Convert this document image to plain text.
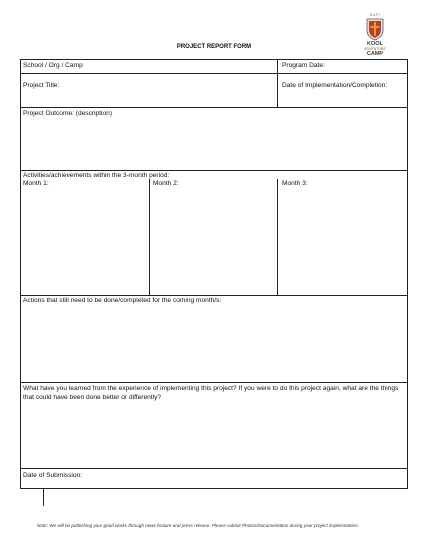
BAFI
KOOL
ADVENTURE
CAMP
PROJECT REPORT FORM
School / Org / Camp	Program Date:
Project Title:	Date of Implementation/Completion:
Project Outcome: (description)
Activities/achievements within the 3-month period:
Month 1:	Month 2:	Month 3:
Actions that still need to be done/completed for the coming month/s:
What have you learned from the experience of implementing this project? If you were to do this project again, what are the things that could have been done better or differently?
Date of Submission:
Note: We will be publishing your good works through news feature and press release. Please submit Photos/Documentation during your project implemntation.
